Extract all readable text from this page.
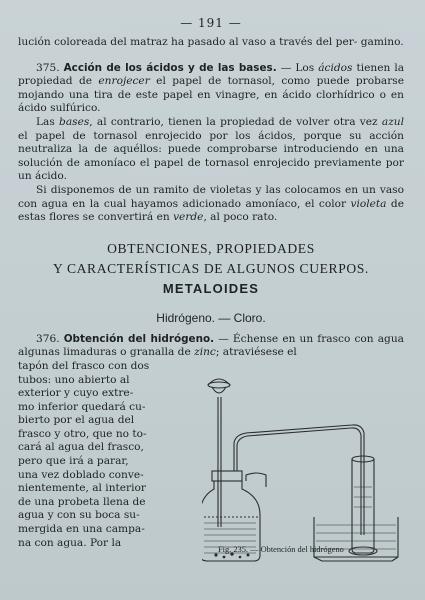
— 191 —

lución coloreada del matraz ha pasado al vaso a través del per- gamino.

375. Acción de los ácidos y de las bases. — Los ácidos tienen la propiedad de enrojecer el papel de tornasol, como puede probarse mojando una tira de este papel en vinagre, en ácido clorhídrico o en ácido sulfúrico.

Las bases, al contrario, tienen la propiedad de volver otra vez azul el papel de tornasol enrojecido por los ácidos, porque su acción neutraliza la de aquéllos: puede comprobarse introduciendo en una solución de amoníaco el papel de tornasol enrojecido previamente por un ácido.

Si disponemos de un ramito de violetas y las colocamos en un vaso con agua en la cual hayamos adicionado amoníaco, el color violeta de estas flores se convertirá en verde, al poco rato.

OBTENCIONES, PROPIEDADES
Y CARACTERÍSTICAS DE ALGUNOS CUERPOS.
METALOIDES
Hidrógeno. — Cloro.

376. Obtención del hidrógeno. — Échense en un frasco con agua algunas limaduras o granalla de zinc; atraviésese el

tapón del frasco con dos
tubos: uno abierto al
exterior y cuyo extre-
mo inferior quedará cu-
bierto por el agua del
frasco y otro, que no to-
cará al agua del frasco,
pero que irá a parar,
una vez doblado conve-
nientemente, al interior
de una probeta llena de
agua y con su boca su-
mergida en una campa-
na con agua. Por la
Fig. 235. — Obtención del hidrógeno
